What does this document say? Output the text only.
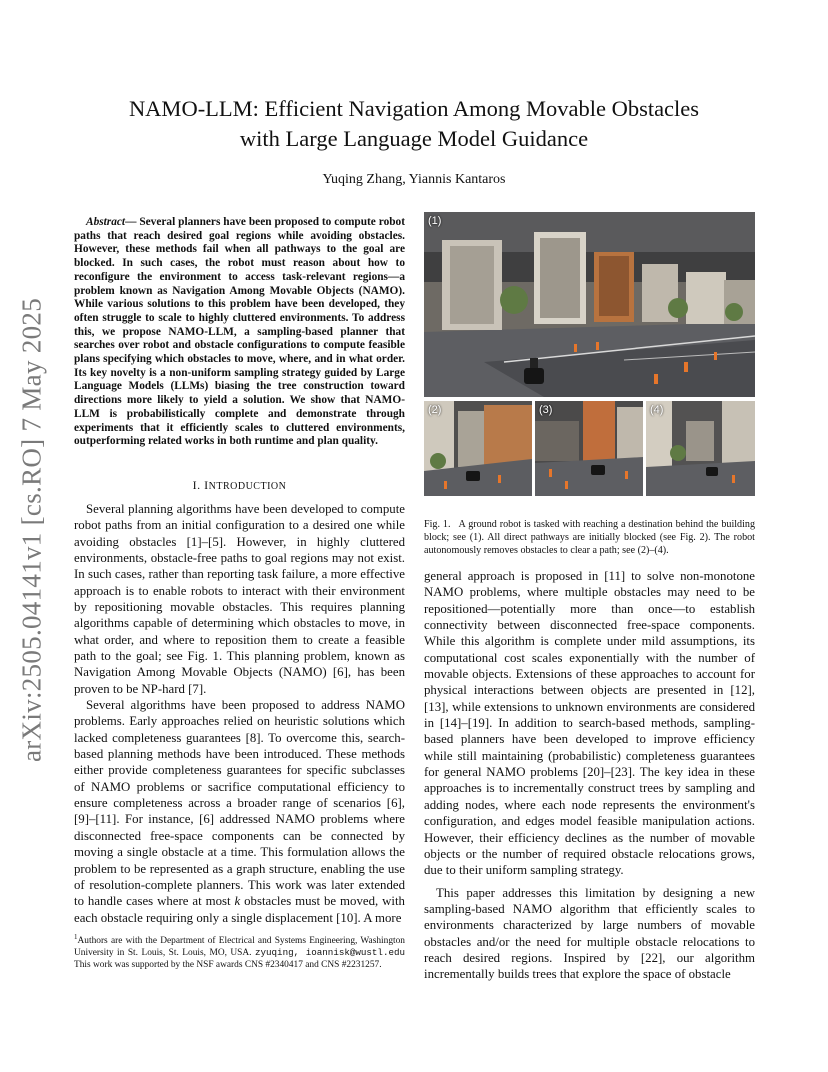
arXiv:2505.04141v1 [cs.RO] 7 May 2025
NAMO-LLM: Efficient Navigation Among Movable Obstacles
with Large Language Model Guidance
Yuqing Zhang, Yiannis Kantaros

Abstract— Several planners have been proposed to compute robot paths that reach desired goal regions while avoiding obstacles. However, these methods fail when all pathways to the goal are blocked. In such cases, the robot must reason about how to reconfigure the environment to access task-relevant regions—a problem known as Navigation Among Movable Objects (NAMO). While various solutions to this problem have been developed, they often struggle to scale to highly cluttered environments. To address this, we propose NAMO-LLM, a sampling-based planner that searches over robot and obstacle configurations to compute feasible plans specifying which obstacles to move, where, and in what order. Its key novelty is a non-uniform sampling strategy guided by Large Language Models (LLMs) biasing the tree construction toward directions more likely to yield a solution. We show that NAMO-LLM is probabilistically complete and demonstrate through experiments that it efficiently scales to cluttered environments, outperforming related works in both runtime and plan quality.

I. INTRODUCTION

Several planning algorithms have been developed to compute robot paths from an initial configuration to a desired one while avoiding obstacles [1]–[5]. However, in highly cluttered environments, obstacle-free paths to goal regions may not exist. In such cases, rather than reporting task failure, a more effective approach is to enable robots to interact with their environment by repositioning movable obstacles. This requires planning algorithms capable of determining which obstacles to move, in what order, and where to reposition them to create a feasible path to the goal; see Fig. 1. This planning problem, known as Navigation Among Movable Objects (NAMO) [6], has been proven to be NP-hard [7].

Several algorithms have been proposed to address NAMO problems. Early approaches relied on heuristic solutions which lacked completeness guarantees [8]. To overcome this, search-based planning methods have been introduced. These methods either provide completeness guarantees for specific subclasses of NAMO problems or sacrifice computational efficiency to ensure completeness across a broader range of scenarios [6], [9]–[11]. For instance, [6] addressed NAMO problems where disconnected free-space components can be connected by moving a single obstacle at a time. This formulation allows the problem to be represented as a graph structure, enabling the use of resolution-complete planners. This work was later extended to handle cases where at most k obstacles must be moved, with each obstacle requiring only a single displacement [10]. A more

$^1$Authors are with the Department of Electrical and Systems Engineering, Washington University in St. Louis, St. Louis, MO, USA. zyuqing, ioannisk@wustl.edu This work was supported by the NSF awards CNS #2340417 and CNS #2231257.
(1)
(2)	(3)	(4)
Fig. 1. A ground robot is tasked with reaching a destination behind the building block; see (1). All direct pathways are initially blocked (see Fig. 2). The robot autonomously removes obstacles to clear a path; see (2)–(4).

general approach is proposed in [11] to solve non-monotone NAMO problems, where multiple obstacles may need to be repositioned—potentially more than once—to establish connectivity between disconnected free-space components. While this algorithm is complete under mild assumptions, its computational cost scales exponentially with the number of movable objects. Extensions of these approaches to account for physical interactions between objects are presented in [12], [13], while extensions to unknown environments are considered in [14]–[19]. In addition to search-based methods, sampling-based planners have been developed to improve efficiency while still maintaining (probabilistic) completeness guarantees for general NAMO problems [20]–[23]. The key idea in these approaches is to incrementally construct trees by sampling and adding nodes, where each node represents the environment's configuration, and edges model feasible manipulation actions. However, their efficiency declines as the number of movable objects or the number of required obstacle relocations grows, due to their uniform sampling strategy.

This paper addresses this limitation by designing a new sampling-based NAMO algorithm that efficiently scales to environments characterized by large numbers of movable obstacles and/or the need for multiple obstacle relocations to reach desired regions. Inspired by [22], our algorithm incrementally builds trees that explore the space of obstacle
